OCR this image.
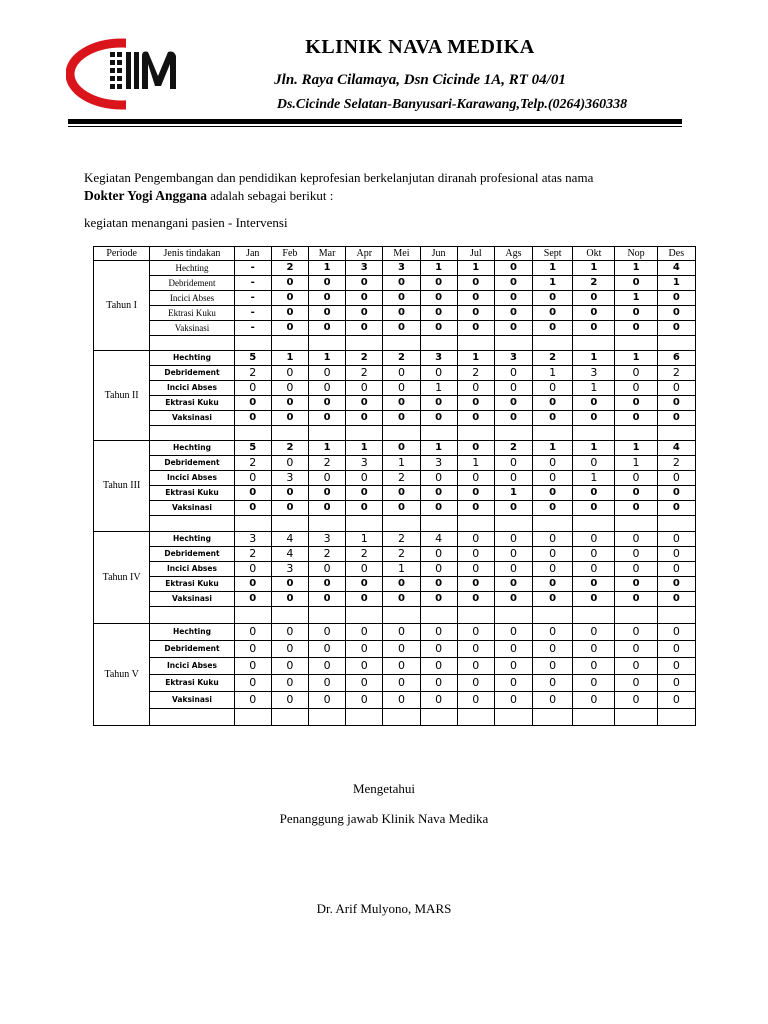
KLINIK NAVA MEDIKA
Jln. Raya Cilamaya, Dsn Cicinde 1A, RT 04/01
Ds.Cicinde Selatan-Banyusari-Karawang,Telp.(0264)360338
Kegiatan Pengembangan dan pendidikan keprofesian berkelanjutan diranah profesional atas nama
Dokter Yogi Anggana adalah sebagai berikut :
kegiatan menangani pasien - Intervensi
Periode	Jenis tindakan	Jan	Feb	Mar	Apr	Mei	Jun	Jul	Ags	Sept	Okt	Nop	Des
Tahun I	Hechting	-	2	1	3	3	1	1	0	1	1	1	4
	Debridement	-	0	0	0	0	0	0	0	1	2	0	1
	Incici Abses	-	0	0	0	0	0	0	0	0	0	1	0
	Ektrasi Kuku	-	0	0	0	0	0	0	0	0	0	0	0
	Vaksinasi	-	0	0	0	0	0	0	0	0	0	0	0

Tahun II	Hechting	5	1	1	2	2	3	1	3	2	1	1	6
	Debridement	2	0	0	2	0	0	2	0	1	3	0	2
	Incici Abses	0	0	0	0	0	1	0	0	0	1	0	0
	Ektrasi Kuku	0	0	0	0	0	0	0	0	0	0	0	0
	Vaksinasi	0	0	0	0	0	0	0	0	0	0	0	0

Tahun III	Hechting	5	2	1	1	0	1	0	2	1	1	1	4
	Debridement	2	0	2	3	1	3	1	0	0	0	1	2
	Incici Abses	0	3	0	0	2	0	0	0	0	1	0	0
	Ektrasi Kuku	0	0	0	0	0	0	0	1	0	0	0	0
	Vaksinasi	0	0	0	0	0	0	0	0	0	0	0	0

Tahun IV	Hechting	3	4	3	1	2	4	0	0	0	0	0	0
	Debridement	2	4	2	2	2	0	0	0	0	0	0	0
	Incici Abses	0	3	0	0	1	0	0	0	0	0	0	0
	Ektrasi Kuku	0	0	0	0	0	0	0	0	0	0	0	0
	Vaksinasi	0	0	0	0	0	0	0	0	0	0	0	0

Tahun V	Hechting	0	0	0	0	0	0	0	0	0	0	0	0
	Debridement	0	0	0	0	0	0	0	0	0	0	0	0
	Incici Abses	0	0	0	0	0	0	0	0	0	0	0	0
	Ektrasi Kuku	0	0	0	0	0	0	0	0	0	0	0	0
	Vaksinasi	0	0	0	0	0	0	0	0	0	0	0	0

Mengetahui
Penanggung jawab Klinik Nava Medika
Dr. Arif Mulyono, MARS
